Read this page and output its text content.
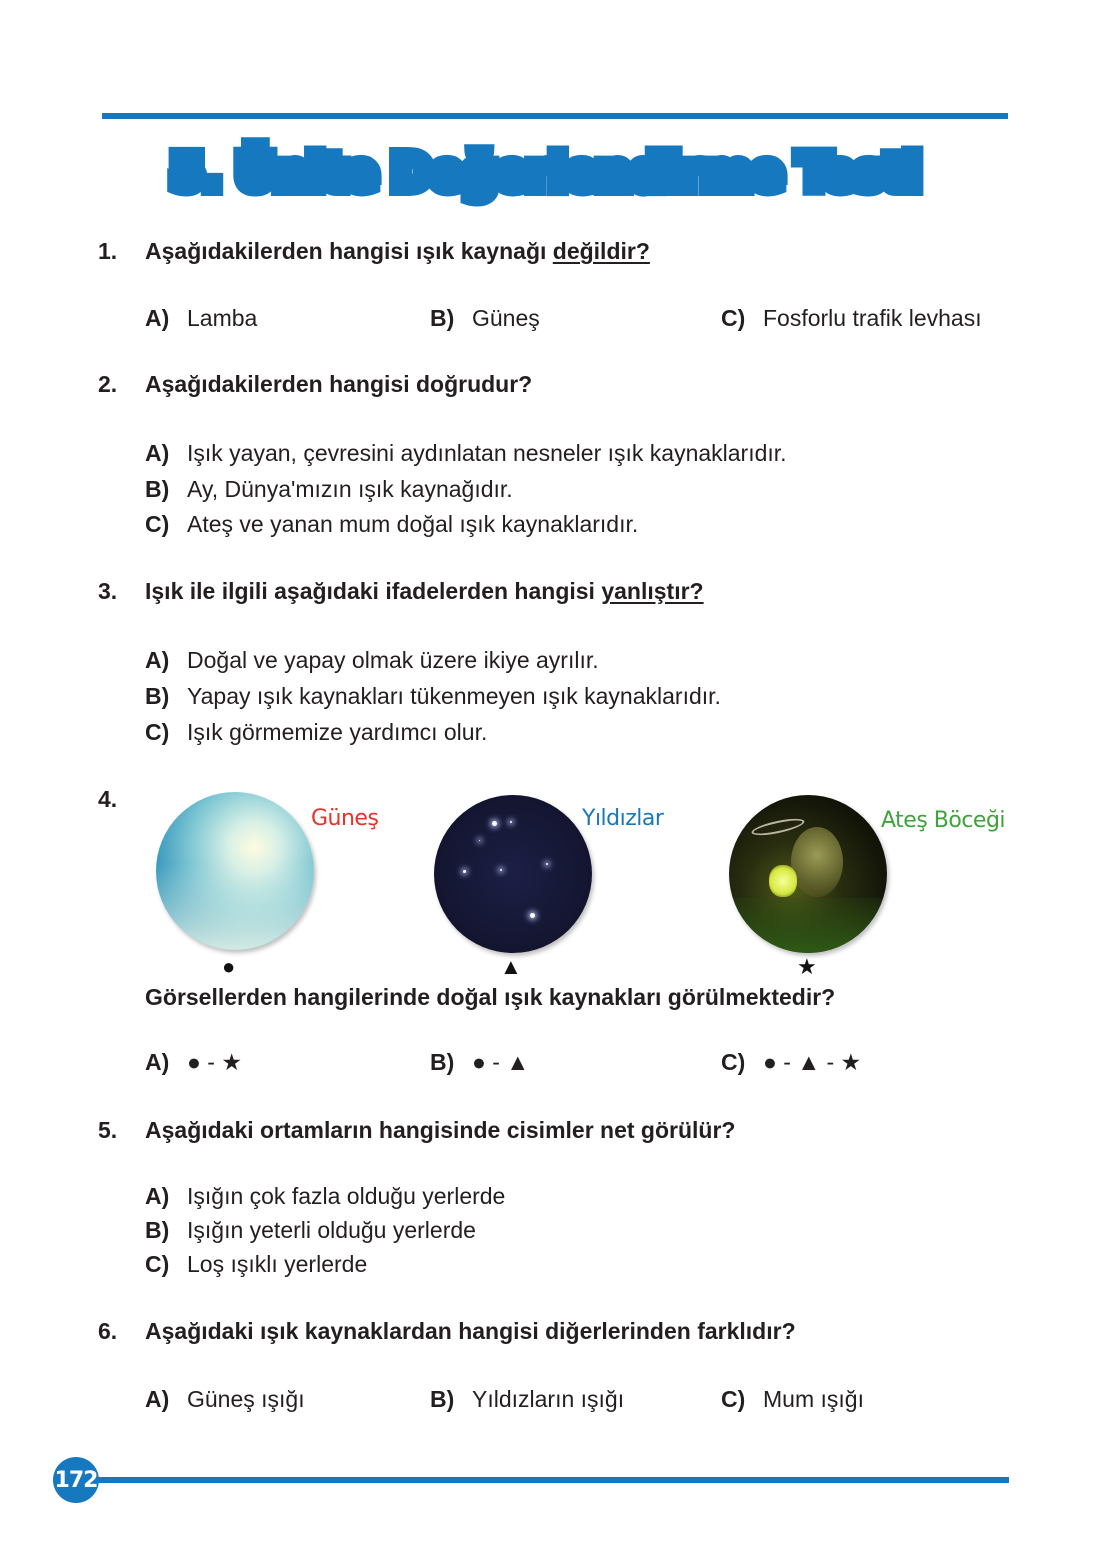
5. Ünite Değerlendirme Testi
1. Aşağıdakilerden hangisi ışık kaynağı değildir?
A) Lamba	B) Güneş	C) Fosforlu trafik levhası
2. Aşağıdakilerden hangisi doğrudur?
A) Işık yayan, çevresini aydınlatan nesneler ışık kaynaklarıdır.
B) Ay, Dünya'mızın ışık kaynağıdır.
C) Ateş ve yanan mum doğal ışık kaynaklarıdır.
3. Işık ile ilgili aşağıdaki ifadelerden hangisi yanlıştır?
A) Doğal ve yapay olmak üzere ikiye ayrılır.
B) Yapay ışık kaynakları tükenmeyen ışık kaynaklarıdır.
C) Işık görmemize yardımcı olur.
4.
Güneş
●
Yıldızlar
▲
Ateş Böceği
★
Görsellerden hangilerinde doğal ışık kaynakları görülmektedir?
A) ● - ★	B) ● - ▲	C) ● - ▲ - ★
5. Aşağıdaki ortamların hangisinde cisimler net görülür?
A) Işığın çok fazla olduğu yerlerde
B) Işığın yeterli olduğu yerlerde
C) Loş ışıklı yerlerde
6. Aşağıdaki ışık kaynaklardan hangisi diğerlerinden farklıdır?
A) Güneş ışığı	B) Yıldızların ışığı	C) Mum ışığı
172
